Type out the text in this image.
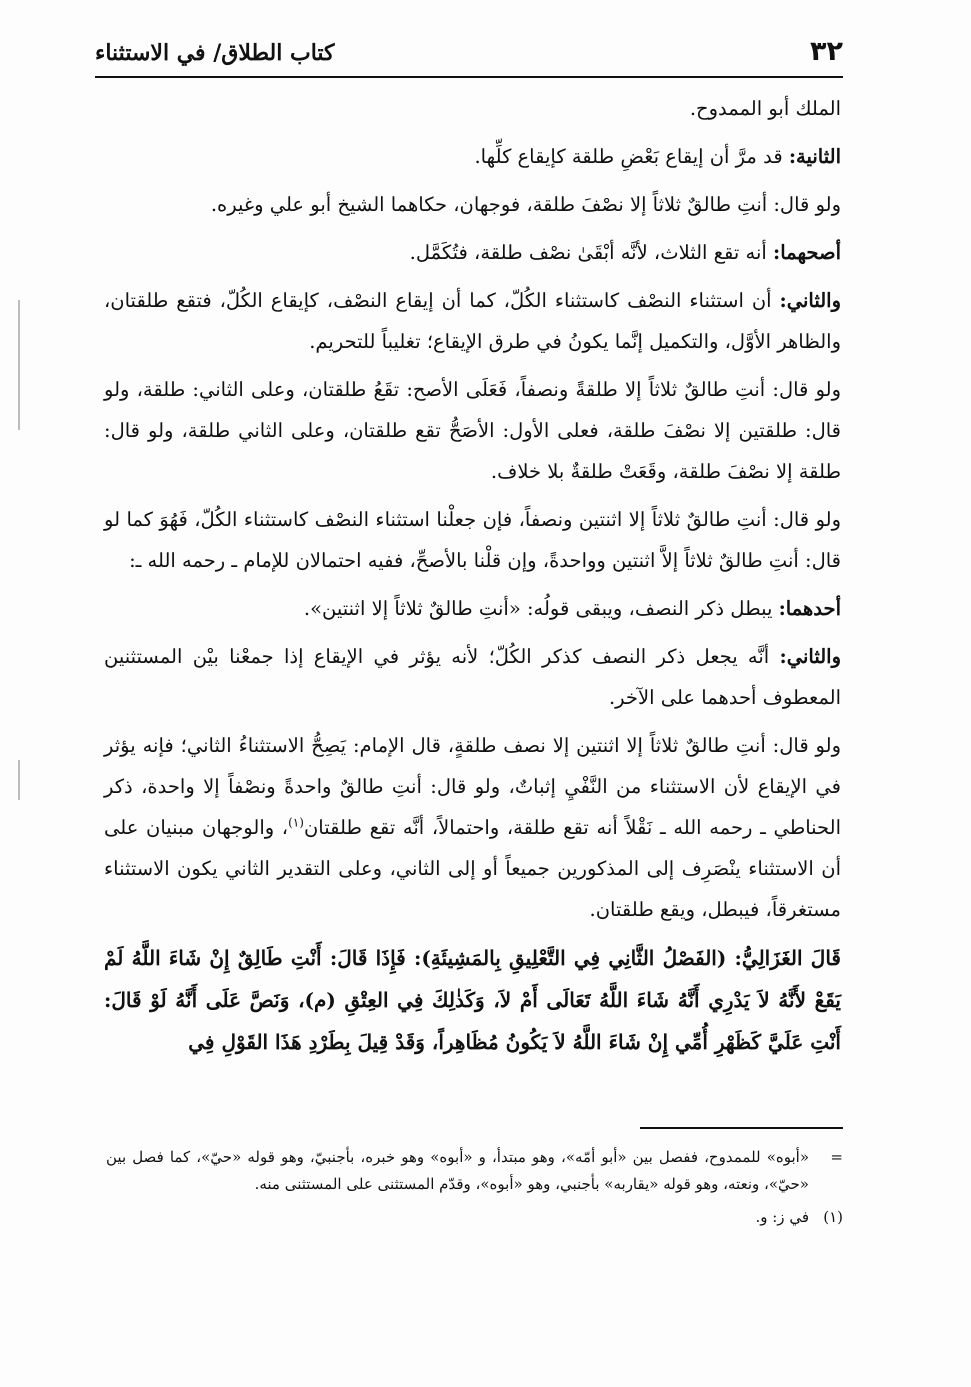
٣٢
كتاب الطلاق/ في الاستثناء

الملك أبو الممدوح.

الثانية: قد مرَّ أن إيقاع بَعْضِ طلقة كإيقاع كلِّها.

ولو قال: أنتِ طالقٌ ثلاثاً إلا نصْفَ طلقة، فوجهان، حكاهما الشيخ أبو علي وغيره.

أصحهما: أنه تقع الثلاث، لأنَّه أبْقَىٰ نصْف طلقة، فتُكَمَّل.

والثاني: أن استثناء النصْف كاستثناء الكُلّ، كما أن إيقاع النصْف، كإيقاع الكُلّ، فتقع طلقتان، والظاهر الأوَّل، والتكميل إنَّما يكونُ في طرق الإيقاع؛ تغليباً للتحريم.

ولو قال: أنتِ طالقٌ ثلاثاً إلا طلقةً ونصفاً، فَعَلَى الأصح: تقَعُ طلقتان، وعلى الثاني: طلقة، ولو قال: طلقتين إلا نصْفَ طلقة، فعلى الأول: الأصَحُّ تقع طلقتان، وعلى الثاني طلقة، ولو قال: طلقة إلا نصْفَ طلقة، وقَعَتْ طلقةٌ بلا خلاف.

ولو قال: أنتِ طالقٌ ثلاثاً إلا اثنتين ونصفاً، فإن جعلْنا استثناء النصْف كاستثناء الكُلّ، فَهُوَ كما لو قال: أنتِ طالقٌ ثلاثاً إلاَّ اثنتين وواحدةً، وإن قلْنا بالأصحِّ، ففيه احتمالان للإمام ـ رحمه الله ـ:

أحدهما: يبطل ذكر النصف، ويبقى قولُه: «أنتِ طالقٌ ثلاثاً إلا اثنتين».

والثاني: أنَّه يجعل ذكر النصف كذكر الكُلّ؛ لأنه يؤثر في الإيقاع إذا جمعْنا بيْن المستثنين المعطوف أحدهما على الآخر.

ولو قال: أنتِ طالقٌ ثلاثاً إلا اثنتين إلا نصف طلقةٍ، قال الإمام: يَصِحُّ الاستثناءُ الثاني؛ فإنه يؤثر في الإيقاع لأن الاستثناء من النَّفْيِ إثباتٌ، ولو قال: أنتِ طالقٌ واحدةً ونصْفاً إلا واحدة، ذكر الحناطي ـ رحمه الله ـ نَقْلاً أنه تقع طلقة، واحتمالاً، أنَّه تقع طلقتان$^{(١)}$، والوجهان مبنيان على أن الاستثناء ينْصَرِف إلى المذكورين جميعاً أو إلى الثاني، وعلى التقدير الثاني يكون الاستثناء مستغرقاً، فيبطل، ويقع طلقتان.

قَالَ الغَزَالِيُّ: (الفَصْلُ الثَّانِي فِي التَّعْلِيقِ بِالمَشِيئَةِ): فَإِذَا قَالَ: أَنْتِ طَالِقٌ إِنْ شَاءَ اللَّهُ لَمْ يَقَعْ لأَنَّهُ لاَ يَدْرِي أَنَّهُ شَاءَ اللَّهُ تَعَالَى أَمْ لاَ، وَكَذٰلِكَ فِي العِتْقِ (م)، وَنَصَّ عَلَى أَنَّهُ لَوْ قَالَ: أَنْتِ عَلَيَّ كَظَهْرِ أُمِّي إِنْ شَاءَ اللَّهُ لاَ يَكُونُ مُظَاهِراً، وَقَدْ قِيلَ بِطَرْدِ هَذَا القَوْلِ فِي

=
«أبوه» للممدوح، ففصل بين «أبو أمّه»، وهو مبتدأ، و «أبوه» وهو خبره، بأجنبيّ، وهو قوله «حيّ»، كما فصل بين «حيّ»، ونعته، وهو قوله «يقاربه» بأجنبي، وهو «أبوه»، وقدّم المستثنى على المستثنى منه.
(١)
في ز: و.
